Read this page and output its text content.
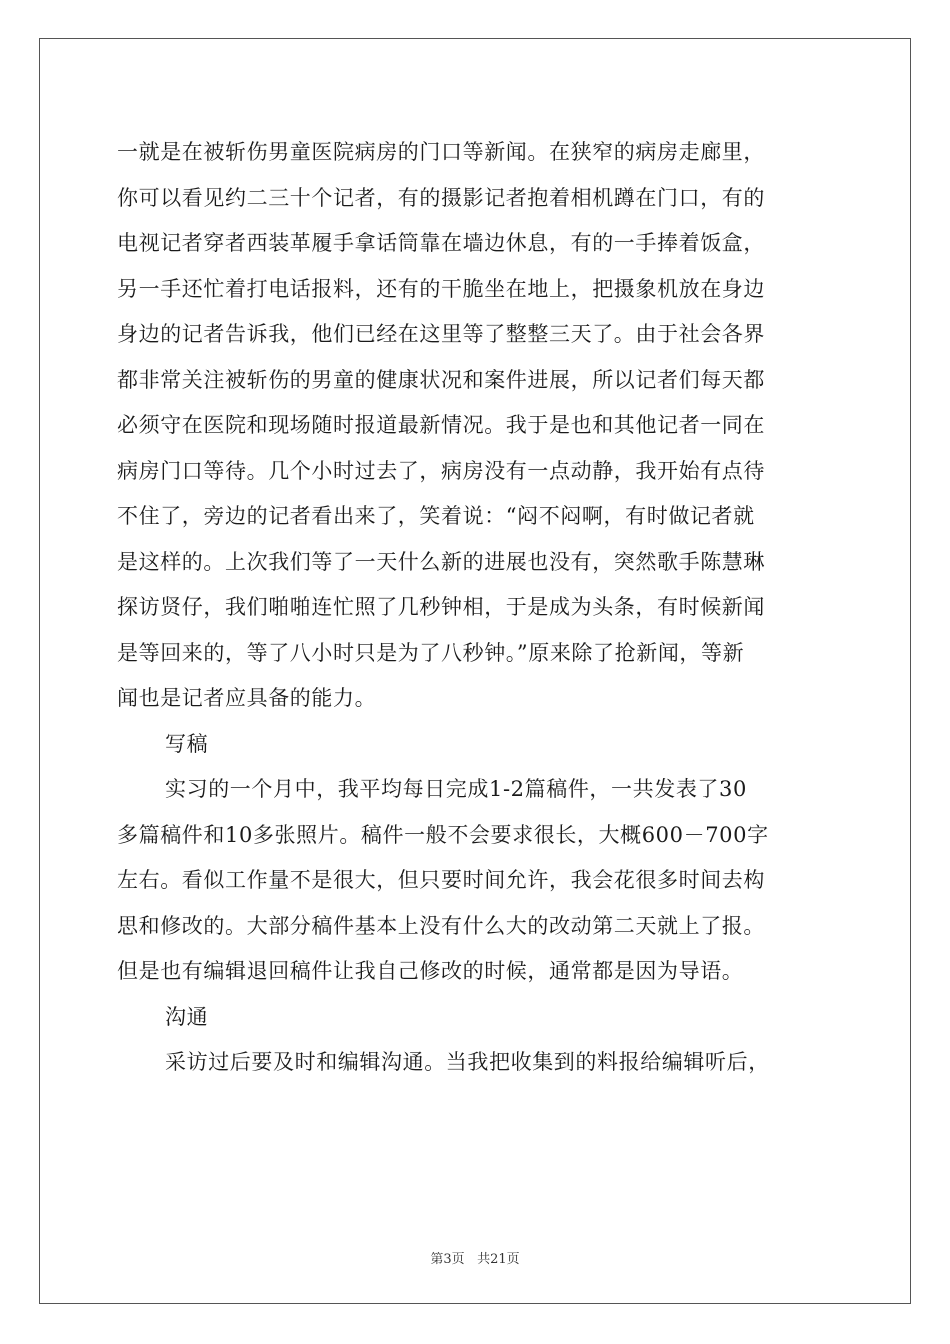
一就是在被斩伤男童医院病房的门口等新闻。在狭窄的病房走廊里，
你可以看见约二三十个记者，有的摄影记者抱着相机蹲在门口，有的
电视记者穿者西装革履手拿话筒靠在墙边休息，有的一手捧着饭盒，
另一手还忙着打电话报料，还有的干脆坐在地上，把摄象机放在身边
身边的记者告诉我，他们已经在这里等了整整三天了。由于社会各界
都非常关注被斩伤的男童的健康状况和案件进展，所以记者们每天都
必须守在医院和现场随时报道最新情况。我于是也和其他记者一同在
病房门口等待。几个小时过去了，病房没有一点动静，我开始有点待
不住了，旁边的记者看出来了，笑着说：“闷不闷啊，有时做记者就
是这样的。上次我们等了一天什么新的进展也没有，突然歌手陈慧琳
探访贤仔，我们啪啪连忙照了几秒钟相，于是成为头条，有时候新闻
是等回来的，等了八小时只是为了八秒钟。”原来除了抢新闻，等新
闻也是记者应具备的能力。
写稿
实习的一个月中，我平均每日完成1-2篇稿件，一共发表了30
多篇稿件和10多张照片。稿件一般不会要求很长，大概600－700字
左右。看似工作量不是很大，但只要时间允许，我会花很多时间去构
思和修改的。大部分稿件基本上没有什么大的改动第二天就上了报。
但是也有编辑退回稿件让我自己修改的时候，通常都是因为导语。
沟通
采访过后要及时和编辑沟通。当我把收集到的料报给编辑听后，
第3页 共21页
